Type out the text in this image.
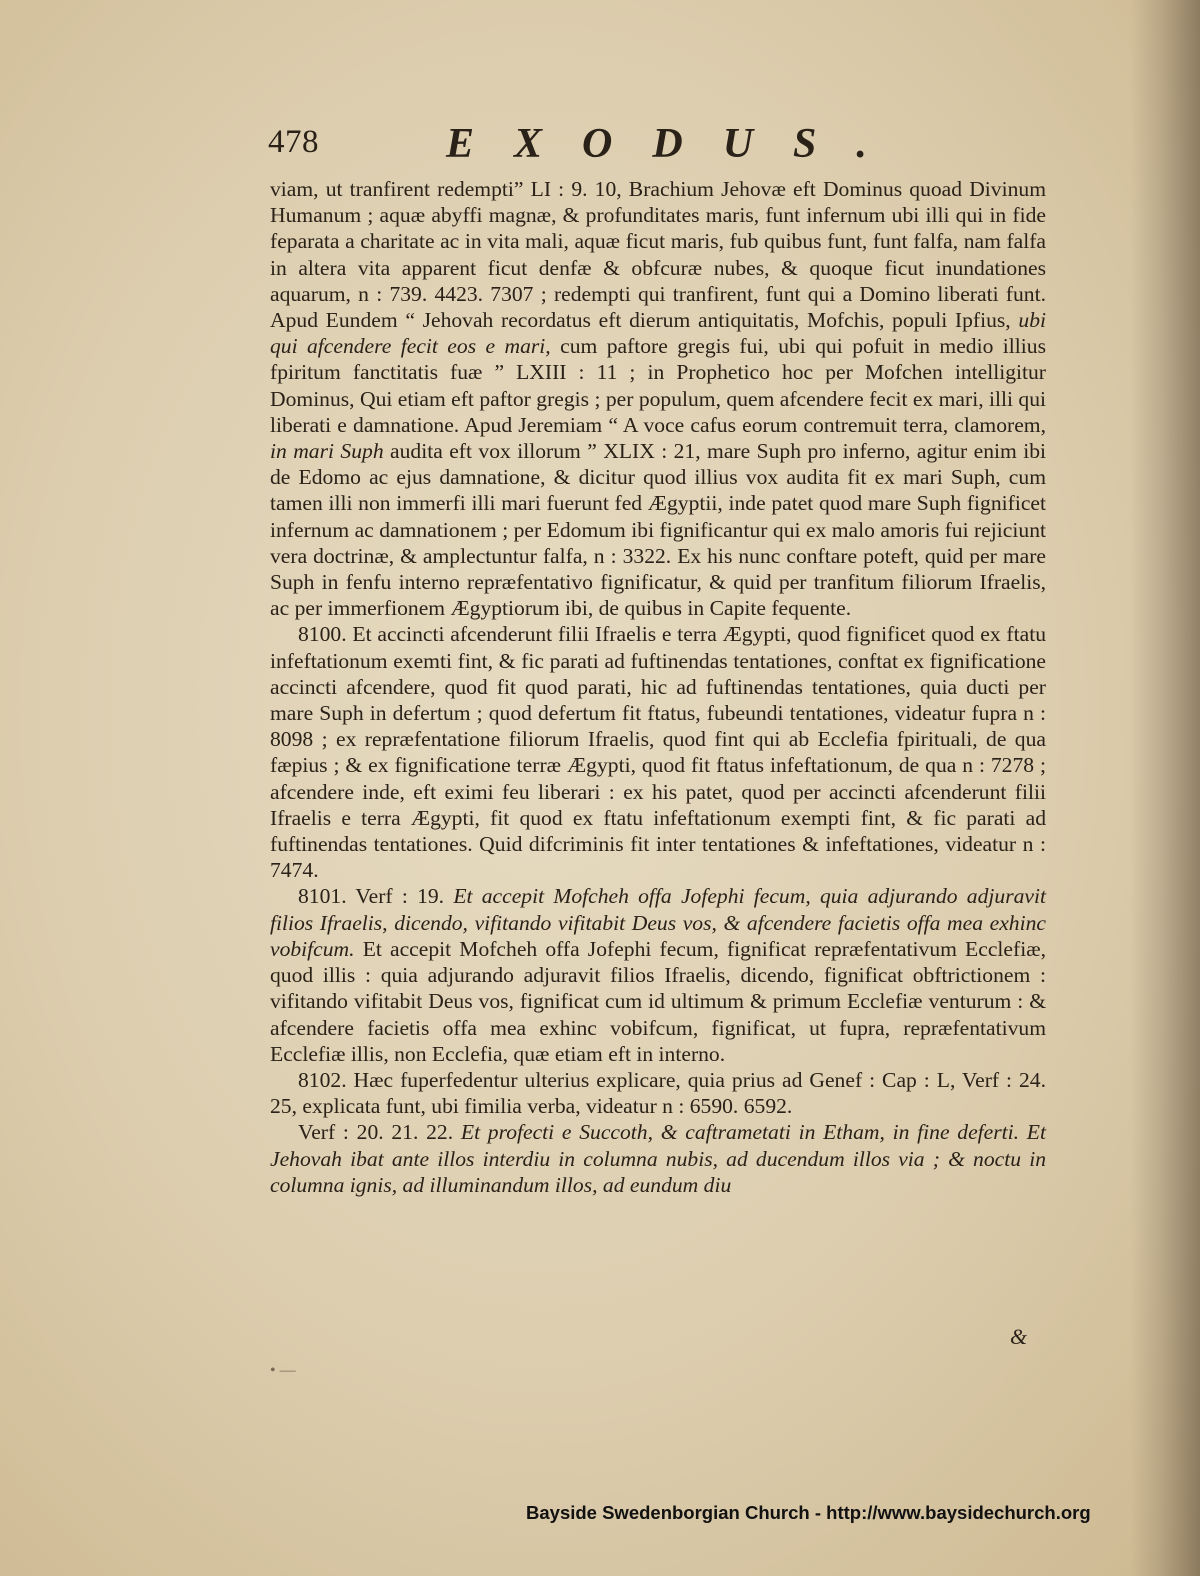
478	EXODUS.

viam, ut tranfirent redempti” LI : 9. 10, Brachium Jehovæ eft Dominus quoad Divinum Humanum ; aquæ abyffi magnæ, & profunditates maris, funt infernum ubi illi qui in fide feparata a charitate ac in vita mali, aquæ ficut maris, fub quibus funt, funt falfa, nam falfa in altera vita apparent ficut denfæ & obfcuræ nubes, & quoque ficut inundationes aquarum, n : 739. 4423. 7307 ; redempti qui tranfirent, funt qui a Domino liberati funt. Apud Eundem “ Jehovah recordatus eft dierum antiquitatis, Mofchis, populi Ipfius, ubi qui afcendere fecit eos e mari, cum paftore gregis fui, ubi qui pofuit in medio illius fpiritum fanctitatis fuæ ” LXIII : 11 ; in Prophetico hoc per Mofchen intelligitur Dominus, Qui etiam eft paftor gregis ; per populum, quem afcendere fecit ex mari, illi qui liberati e damnatione. Apud Jeremiam “ A voce cafus eorum contremuit terra, clamorem, in mari Suph audita eft vox illorum ” XLIX : 21, mare Suph pro inferno, agitur enim ibi de Edomo ac ejus damnatione, & dicitur quod illius vox audita fit ex mari Suph, cum tamen illi non immerfi illi mari fuerunt fed Ægyptii, inde patet quod mare Suph fignificet infernum ac damnationem ; per Edomum ibi fignificantur qui ex malo amoris fui rejiciunt vera doctrinæ, & amplectuntur falfa, n : 3322. Ex his nunc conftare poteft, quid per mare Suph in fenfu interno repræfentativo fignificatur, & quid per tranfitum filiorum Ifraelis, ac per immerfionem Ægyptiorum ibi, de quibus in Capite fequente.

8100. Et accincti afcenderunt filii Ifraelis e terra Ægypti, quod fignificet quod ex ftatu infeftationum exemti fint, & fic parati ad fuftinendas tentationes, conftat ex fignificatione accincti afcendere, quod fit quod parati, hic ad fuftinendas tentationes, quia ducti per mare Suph in defertum ; quod defertum fit ftatus, fubeundi tentationes, videatur fupra n : 8098 ; ex repræfentatione filiorum Ifraelis, quod fint qui ab Ecclefia fpirituali, de qua fæpius ; & ex fignificatione terræ Ægypti, quod fit ftatus infeftationum, de qua n : 7278 ; afcendere inde, eft eximi feu liberari : ex his patet, quod per accincti afcenderunt filii Ifraelis e terra Ægypti, fit quod ex ftatu infeftationum exempti fint, & fic parati ad fuftinendas tentationes. Quid difcriminis fit inter tentationes & infeftationes, videatur n : 7474.

8101. Verf : 19. Et accepit Mofcheh offa Jofephi fecum, quia adjurando adjuravit filios Ifraelis, dicendo, vifitando vifitabit Deus vos, & afcendere facietis offa mea exhinc vobifcum. Et accepit Mofcheh offa Jofephi fecum, fignificat repræfentativum Ecclefiæ, quod illis : quia adjurando adjuravit filios Ifraelis, dicendo, fignificat obftrictionem : vifitando vifitabit Deus vos, fignificat cum id ultimum & primum Ecclefiæ venturum : & afcendere facietis offa mea exhinc vobifcum, fignificat, ut fupra, repræfentativum Ecclefiæ illis, non Ecclefia, quæ etiam eft in interno.

8102. Hæc fuperfedentur ulterius explicare, quia prius ad Genef : Cap : L, Verf : 24. 25, explicata funt, ubi fimilia verba, videatur n : 6590. 6592.

Verf : 20. 21. 22. Et profecti e Succoth, & caftrametati in Etham, in fine deferti. Et Jehovah ibat ante illos interdiu in columna nubis, ad ducendum illos via ; & noctu in columna ignis, ad illuminandum illos, ad eundum diu

&
• —
Bayside Swedenborgian Church - http://www.baysidechurch.org
